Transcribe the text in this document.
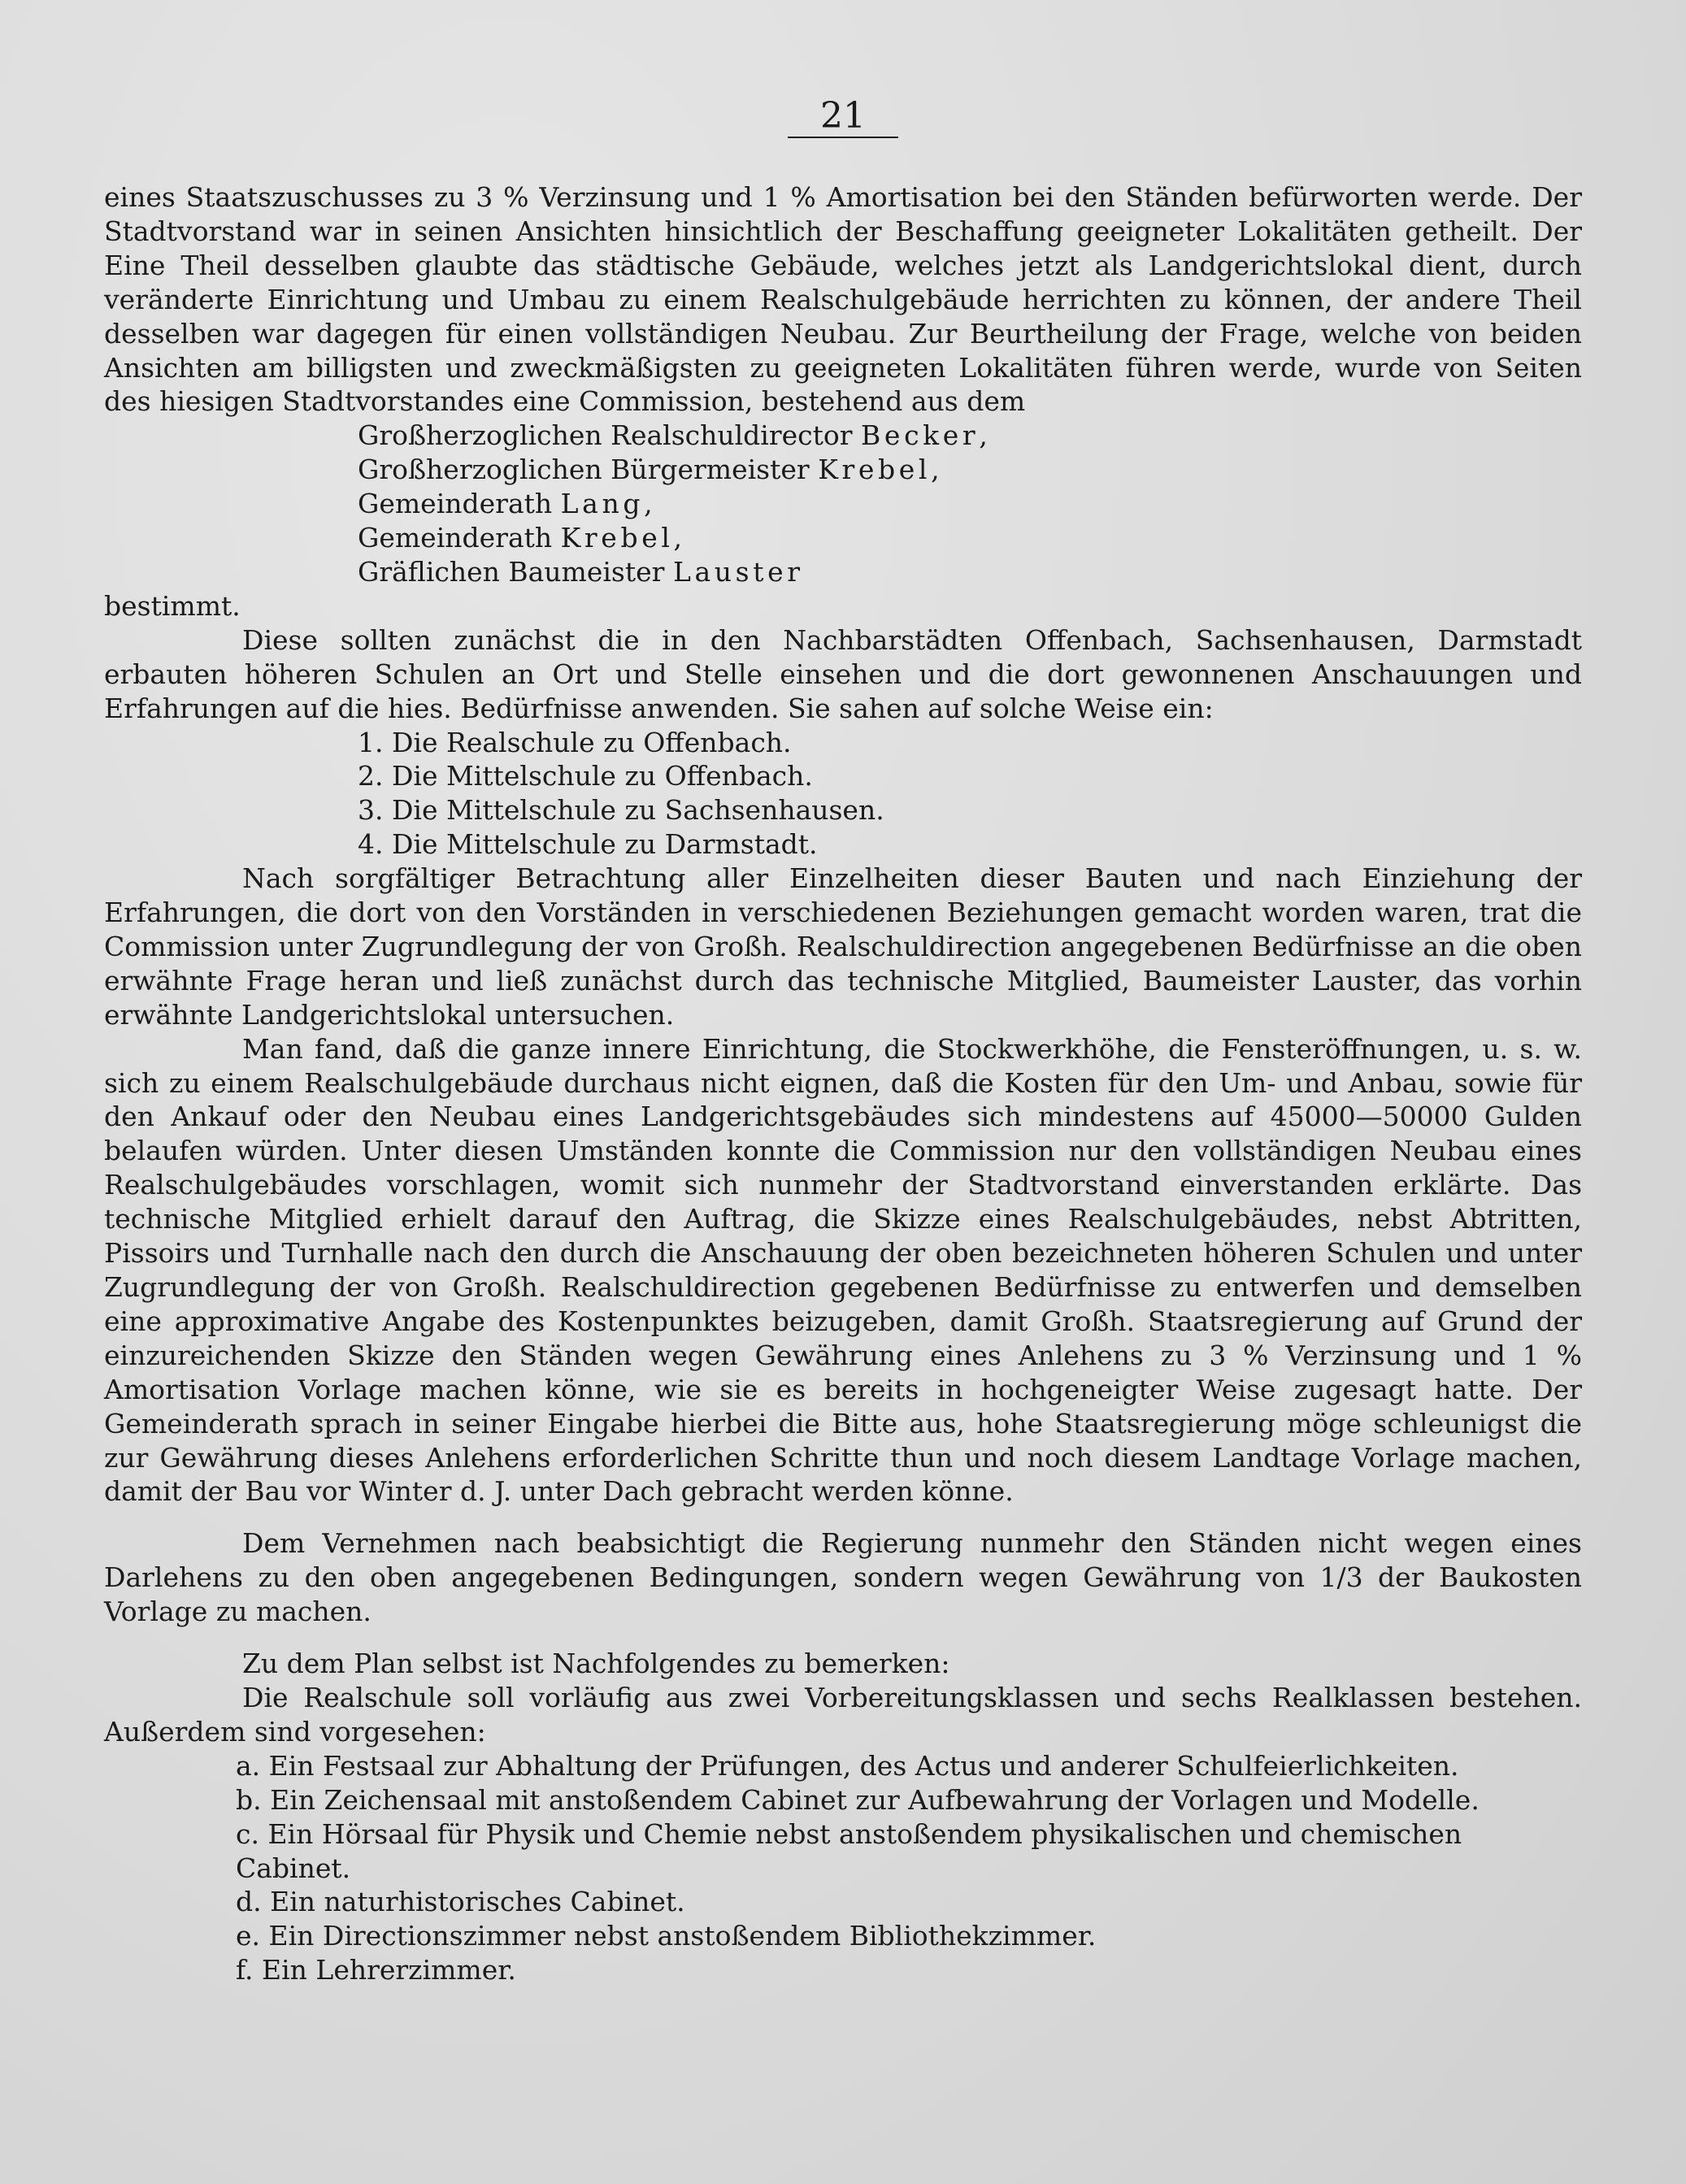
21

eines Staatszuschusses zu 3 % Verzinsung und 1 % Amortisation bei den Ständen befürworten werde. Der Stadtvorstand war in seinen Ansichten hinsichtlich der Beschaffung geeigneter Lokalitäten getheilt. Der Eine Theil desselben glaubte das städtische Gebäude, welches jetzt als Landgerichtslokal dient, durch veränderte Einrichtung und Umbau zu einem Realschulgebäude herrichten zu können, der andere Theil desselben war dagegen für einen vollständigen Neubau. Zur Beurtheilung der Frage, welche von beiden Ansichten am billigsten und zweckmäßigsten zu geeigneten Lokalitäten führen werde, wurde von Seiten des hiesigen Stadtvorstandes eine Commission, bestehend aus dem

Großherzoglichen Realschuldirector Becker,
Großherzoglichen Bürgermeister Krebel,
Gemeinderath Lang,
Gemeinderath Krebel,
Gräflichen Baumeister Lauster

bestimmt.

Diese sollten zunächst die in den Nachbarstädten Offenbach, Sachsenhausen, Darmstadt erbauten höheren Schulen an Ort und Stelle einsehen und die dort gewonnenen Anschauungen und Erfahrungen auf die hies. Bedürfnisse anwenden. Sie sahen auf solche Weise ein:

1. Die Realschule zu Offenbach.
2. Die Mittelschule zu Offenbach.
3. Die Mittelschule zu Sachsenhausen.
4. Die Mittelschule zu Darmstadt.

Nach sorgfältiger Betrachtung aller Einzelheiten dieser Bauten und nach Einziehung der Erfahrungen, die dort von den Vorständen in verschiedenen Beziehungen gemacht worden waren, trat die Commission unter Zugrundlegung der von Großh. Realschuldirection angegebenen Bedürfnisse an die oben erwähnte Frage heran und ließ zunächst durch das technische Mitglied, Baumeister Lauster, das vorhin erwähnte Landgerichtslokal untersuchen.

Man fand, daß die ganze innere Einrichtung, die Stockwerkhöhe, die Fensteröffnungen, u. s. w. sich zu einem Realschulgebäude durchaus nicht eignen, daß die Kosten für den Um- und Anbau, sowie für den Ankauf oder den Neubau eines Landgerichtsgebäudes sich mindestens auf 45000—50000 Gulden belaufen würden. Unter diesen Umständen konnte die Commission nur den vollständigen Neubau eines Realschulgebäudes vorschlagen, womit sich nunmehr der Stadtvorstand einverstanden erklärte. Das technische Mitglied erhielt darauf den Auftrag, die Skizze eines Realschulgebäudes, nebst Abtritten, Pissoirs und Turnhalle nach den durch die Anschauung der oben bezeichneten höheren Schulen und unter Zugrundlegung der von Großh. Realschuldirection gegebenen Bedürfnisse zu entwerfen und demselben eine approximative Angabe des Kostenpunktes beizugeben, damit Großh. Staatsregierung auf Grund der einzureichenden Skizze den Ständen wegen Gewährung eines Anlehens zu 3 % Verzinsung und 1 % Amortisation Vorlage machen könne, wie sie es bereits in hochgeneigter Weise zugesagt hatte. Der Gemeinderath sprach in seiner Eingabe hierbei die Bitte aus, hohe Staatsregierung möge schleunigst die zur Gewährung dieses Anlehens erforderlichen Schritte thun und noch diesem Landtage Vorlage machen, damit der Bau vor Winter d. J. unter Dach gebracht werden könne.

Dem Vernehmen nach beabsichtigt die Regierung nunmehr den Ständen nicht wegen eines Darlehens zu den oben angegebenen Bedingungen, sondern wegen Gewährung von 1/3 der Baukosten Vorlage zu machen.

Zu dem Plan selbst ist Nachfolgendes zu bemerken:

Die Realschule soll vorläufig aus zwei Vorbereitungsklassen und sechs Realklassen bestehen. Außerdem sind vorgesehen:

a. Ein Festsaal zur Abhaltung der Prüfungen, des Actus und anderer Schulfeierlichkeiten.
b. Ein Zeichensaal mit anstoßendem Cabinet zur Aufbewahrung der Vorlagen und Modelle.
c. Ein Hörsaal für Physik und Chemie nebst anstoßendem physikalischen und chemischen Cabinet.
d. Ein naturhistorisches Cabinet.
e. Ein Directionszimmer nebst anstoßendem Bibliothekzimmer.
f. Ein Lehrerzimmer.
